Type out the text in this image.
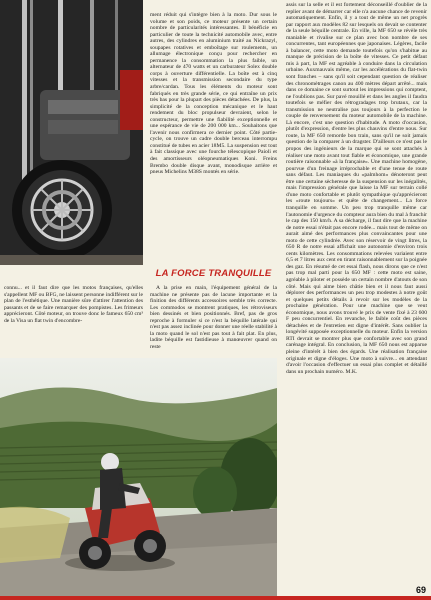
ment réduit qui s'intègre bien à la moto. Dur sous le volume et son poids, ce moteur présente un certain nombre de particularités intéressantes. Il bénéficie en particulier de toute la technicité automobile avec, entre autres, des cylindres en aluminium traité au Nickrazyl, soupapes rotatives et emboîtage sur roulements, un allumage électronique conçu pour rechercher en permanence la consommation la plus faible, un alternateur de 470 watts et un carburateur Solex double corps à ouverture différentielle. La boîte est à cinq vitesses et la transmission secondaire du type arbre/cardan. Tous les éléments du moteur sont fabriqués en très grande série, ce qui entraîne un prix très bas pour la plupart des pièces détachées. De plus, la simplicité de la conception mécanique et le haut rendement du bloc propulseur devraient, selon le constructeur, permettre une fiabilité exceptionnelle et une espérance de vie de 200 000 km... Souhaitons que l'avenir nous confirmera ce dernier point. Côté partie-cycle, on trouve un cadre double berceau interrompu constitué de tubes en acier 18M5. La suspension est tout à fait classique avec une fourche télescopique Paioli et des amortisseurs oléopneumatiques Koni. Freins Brembo double disque avant, monodisque arrière et pneus Michelins M38S montés en série.

LA FORCE TRANQUILLE

A la prise en main, l'équipement général de la machine ne présente pas de lacune importante et la finition des différents accessoires semble très correcte. Les commodos se montrent pratiques, les rétroviseurs bien dessinés et bien positionnés. Bref, pas de gros reproche à formuler si ce n'est la béquille latérale qui n'est pas assez inclinée pour donner une réelle stabilité à la moto quand le sol n'est pas tout à fait plat. En plus, ladite béquille est fastidieuse à manœuvrer quand on reste

connu... et il faut dire que les motos françaises, qu'elles s'appellent MF ou BFG, ne laissent personne indifférent sur le plan de l'esthétique. Une manière sûre d'attirer l'attention des passants et de se faire remarquer des pompistes. Les frimeurs apprécieront. Côté moteur, on trouve donc le fameux 650 cm³ de la Visa un flat twin d'encombre-

assis sur la selle et il est fortement déconseillé d'oublier de la replier avant de démarrer car elle n'a aucune chance de revenir automatiquement. Enfin, il y a tout de même un net progrès par rapport aux modèles 82 sur lesquels on devait se contenter de la seule béquille centrale. En ville, la MF 650 se révèle très maniable et rivalise sur ce plan avec bon nombre de ses concurrentes, tant européennes que japonaises. Légères, facile à balancer, cette moto demande toutefois qu'on s'habitue au manque de précision de la boîte de vitesses. Ce petit défaut mis à part, la MF est agréable à conduire dans la circulation urbaine. Auxmauvais même, car les accélérations du flat-twin sont franches – sans qu'il soit cependant question de réaliser des chronomètrages canon au 400 mètres départ arrêté... mais dans ce domaine ce sont surtout les impressions qui comptent, ne l'oublions pas. Sur pavé mouillé et dans les angles il faudra toutefois se méfier des rétrogradages trop brutaux, car la transmission ne neutralise pas toujours à la perfection le couple de renversement du moteur automobile de la machine. Là encore, c'est une question d'habitude. A moto d'occasion, plutôt d'expression, d'entre les plus chauvins d'entre nous. Sur route, la MF 650 remorde bon train, sans qu'il ne soit jamais question de la comparer à un dragster. D'ailleurs ce n'est pas le propos des ingénieurs de la marque qui se sont attachés à réaliser une moto avant tout fiable et économique, une grande routière raisonnable «à la française». Une machine homogène, pourvue d'un freinage irréprochable et d'une tenue de route sans défaut. Les maniaques du «palmhom» dénoteront peut être une certaine sècheresse de la suspension sur les inégalités, mais l'impression générale que laisse la MF sur terrain collé d'une moto confortable et plutôt sympathique qu'apprécieront les «route toujours» et quête de changement... La force tranquille en somme. Un peu trop tranquille même car l'autonomie d'urgence du compteur aura bien du mal à franchir le cap des 150 km/h. A sa décharge, il faut dire que la machine de notre essai n'était pas encore rodée... mais tout de même on aurait aimé des performances plus convaincantes pour une moto de cette cylindrée. Avec son réservoir de vingt litres, la 650 R de notre essai affichait une autonomie d'environ trois cents kilomètres. Les consommations relevées variaient entre 6,5 et 7 litres aux cent en tirant raisonnablement sur la poignée des gaz. En résumé de cet essai flash, nous dirons que ce n'est pas trop mal parti pour la 650 MF : cette moto est saine, agréable à piloter et possède un certain nombre d'atouts de son côté. Mais qui aime bien châtie bien et il nous faut aussi déplorer des performances un peu trop modestes à notre goût et quelques petits détails à revoir sur les modèles de la prochaine génération. Pour une machine que se veut économique, nous avons trouvé le prix de vente fixé à 23 600 F peu concurrentiel. En revanche, le faible coût des pièces détachées et de l'entretien est digne d'intérêt. Sans oublier la longévité supposée exceptionnelle du moteur. Enfin la version RTI devrait se montrer plus que confortable avec son grand carénage intégral. En conclusion, la MF 650 nous est apparue pleine d'intérêt à bien des égards. Une réalisation française originale et digne d'éloges. Une moto à suivre... en attendant d'avoir l'occasion d'effectuer un essai plus complet et détaillé dans un prochain numéro. M.K.

69
